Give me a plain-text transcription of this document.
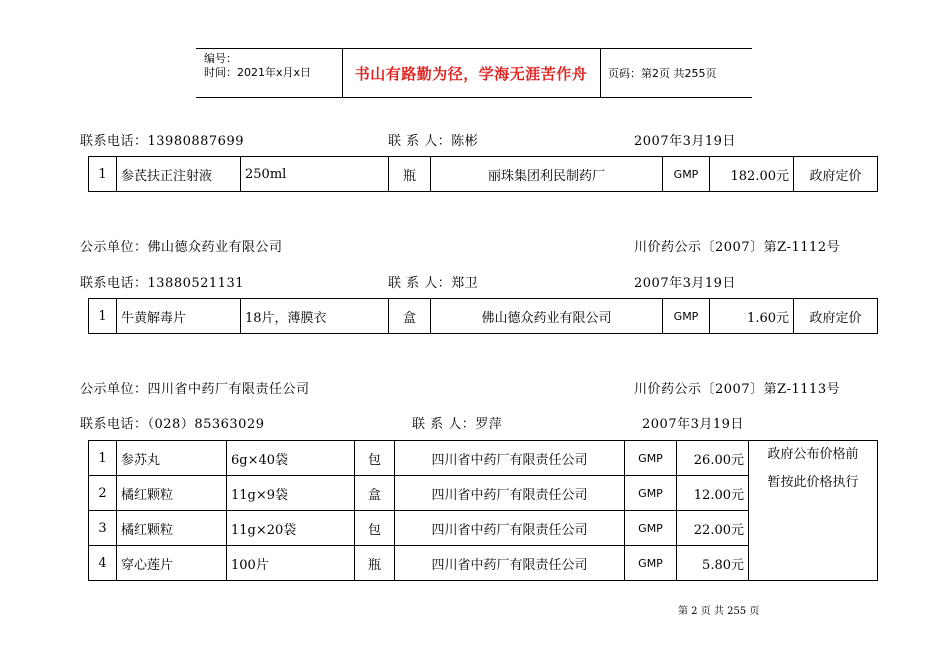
编号：
时间：2021年x月x日	书山有路勤为径，学海无涯苦作舟	页码：第2页 共255页
联系电话：13980887699	联 系 人：陈彬	2007年3月19日
1	参芪扶正注射液	250ml	瓶	丽珠集团利民制药厂	GMP	182.00元	政府定价
公示单位：佛山德众药业有限公司	川价药公示〔2007〕第Z-1112号
联系电话：13880521131	联 系 人：郑卫	2007年3月19日
1	牛黄解毒片	18片，薄膜衣	盒	佛山德众药业有限公司	GMP	1.60元	政府定价
公示单位：四川省中药厂有限责任公司	川价药公示〔2007〕第Z-1113号
联系电话：（028）85363029	联 系 人：罗萍	2007年3月19日
1	参苏丸	6g×40袋	包	四川省中药厂有限责任公司	GMP	26.00元	政府公布价格前
暂按此价格执行

2	橘红颗粒	11g×9袋	盒	四川省中药厂有限责任公司	GMP	12.00元	
3	橘红颗粒	11g×20袋	包	四川省中药厂有限责任公司	GMP	22.00元	
4	穿心莲片	100片	瓶	四川省中药厂有限责任公司	GMP	5.80元	
第 2 页 共 255 页
